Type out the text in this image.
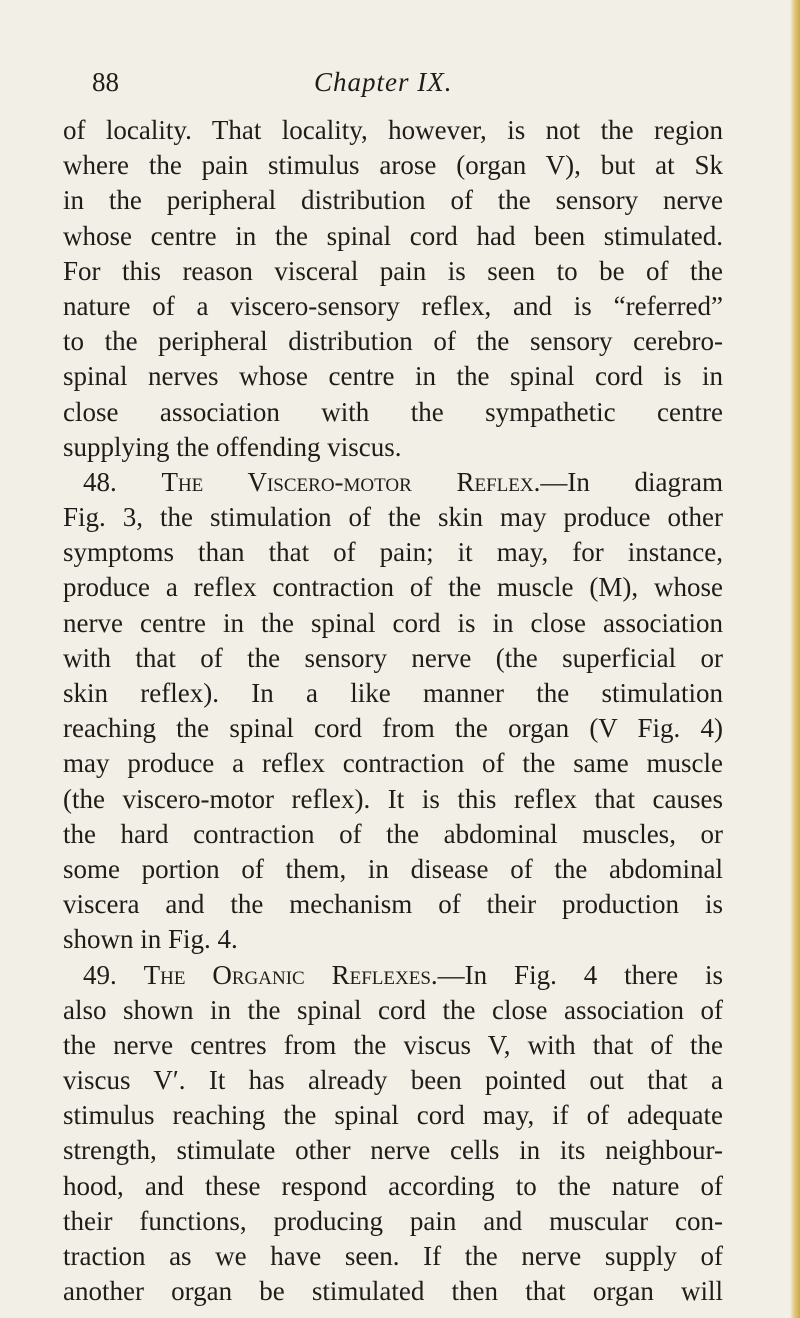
88	Chapter IX.
of locality. That locality, however, is not the region
where the pain stimulus arose (organ V), but at Sk
in the peripheral distribution of the sensory nerve
whose centre in the spinal cord had been stimulated.
For this reason visceral pain is seen to be of the
nature of a viscero-sensory reflex, and is “referred”
to the peripheral distribution of the sensory cerebro-
spinal nerves whose centre in the spinal cord is in
close association with the sympathetic centre
supplying the offending viscus.
48. The Viscero-motor Reflex.—In diagram
Fig. 3, the stimulation of the skin may produce other
symptoms than that of pain; it may, for instance,
produce a reflex contraction of the muscle (M), whose
nerve centre in the spinal cord is in close association
with that of the sensory nerve (the superficial or
skin reflex). In a like manner the stimulation
reaching the spinal cord from the organ (V Fig. 4)
may produce a reflex contraction of the same muscle
(the viscero-motor reflex). It is this reflex that causes
the hard contraction of the abdominal muscles, or
some portion of them, in disease of the abdominal
viscera and the mechanism of their production is
shown in Fig. 4.
49. The Organic Reflexes.—In Fig. 4 there is
also shown in the spinal cord the close association of
the nerve centres from the viscus V, with that of the
viscus V′. It has already been pointed out that a
stimulus reaching the spinal cord may, if of adequate
strength, stimulate other nerve cells in its neighbour-
hood, and these respond according to the nature of
their functions, producing pain and muscular con-
traction as we have seen. If the nerve supply of
another organ be stimulated then that organ will
